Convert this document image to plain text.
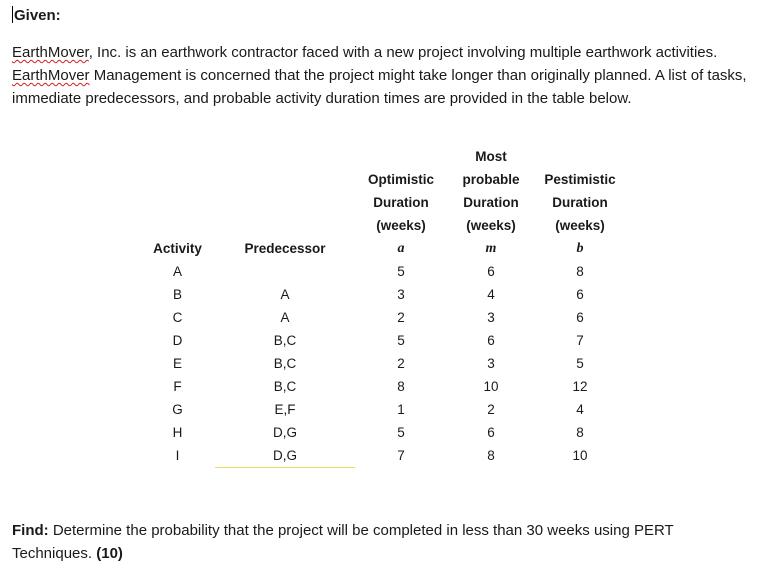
Given:
EarthMover, Inc. is an earthwork contractor faced with a new project involving multiple earthwork activities. EarthMover Management is concerned that the project might take longer than originally planned. A list of tasks, immediate predecessors, and probable activity duration times are provided in the table below.
			Most	
		Optimistic	probable	Pestimistic
		Duration	Duration	Duration
		(weeks)	(weeks)	(weeks)
Activity	Predecessor	a	m	b
A		5	6	8
B	A	3	4	6
C	A	2	3	6
D	B,C	5	6	7
E	B,C	2	3	5
F	B,C	8	10	12
G	E,F	1	2	4
H	D,G	5	6	8
I	D,G	7	8	10
Find: Determine the probability that the project will be completed in less than 30 weeks using PERT Techniques. (10)
